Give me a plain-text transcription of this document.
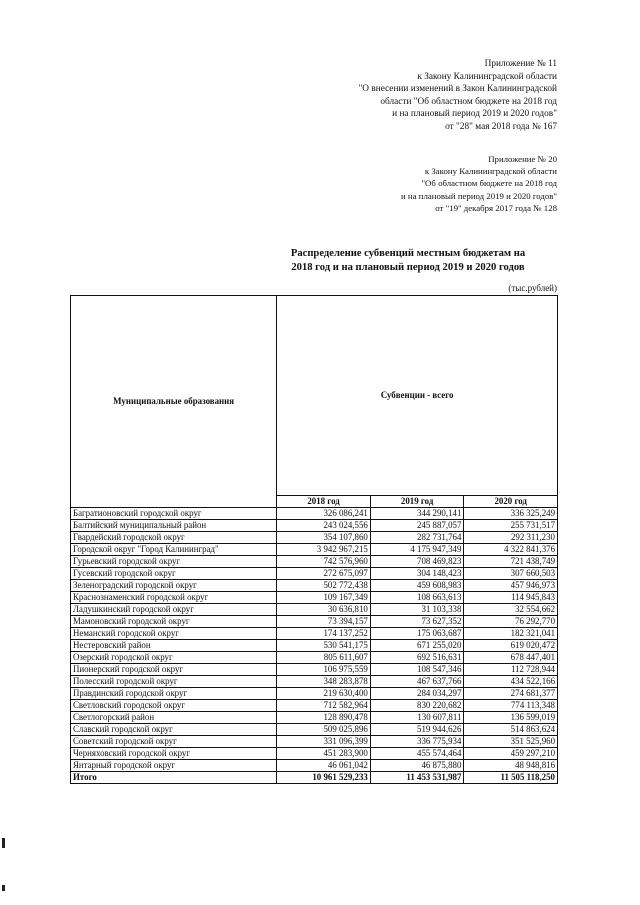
Приложение № 11
к Закону Калининградской области
"О внесении изменений в Закон Калининградской
области "Об областном бюджете на 2018 год
и на плановый период 2019 и 2020 годов"
от "28" мая 2018 года № 167
Приложение № 20
к Закону Калининградской области
"Об областном бюджете на 2018 год
и на плановый период 2019 и 2020 годов"
от "19" декабря 2017 года № 128
Распределение субвенций местным бюджетам на
2018 год и на плановый период 2019 и 2020 годов
(тыс.рублей)
Муниципальные образования	Субвенции - всего		
	2018 год	2019 год	2020 год
Багратионовский городской округ	326 086,241	344 290,141	336 325,249
Балтийский муниципальный район	243 024,556	245 887,057	255 731,517
Гвардейский городской округ	354 107,860	282 731,764	292 311,230
Городской округ "Город Калининград"	3 942 967,215	4 175 947,349	4 322 841,376
Гурьевский городской округ	742 576,960	708 469,823	721 438,749
Гусевский городской округ	272 675,097	304 148,423	307 660,503
Зеленоградский городской округ	502 772,438	459 608,983	457 946,973
Краснознаменский городской округ	109 167,349	108 663,613	114 945,843
Ладушкинский городской округ	30 636,810	31 103,338	32 554,662
Мамоновский городской округ	73 394,157	73 627,352	76 292,770
Неманский городской округ	174 137,252	175 063,687	182 321,041
Нестеровский район	530 541,175	671 255,020	619 020,472
Озерский городской округ	805 611,607	692 516,631	678 447,401
Пионерский городской округ	106 975,559	108 547,346	112 728,944
Полесский городской округ	348 283,878	467 637,766	434 522,166
Правдинский городской округ	219 630,400	284 034,297	274 681,377
Светловский городской округ	712 582,964	830 220,682	774 113,348
Светлогорский район	128 890,478	130 607,811	136 599,019
Славский городской округ	509 025,896	519 944,626	514 863,624
Советский городской округ	331 096,399	336 775,934	351 525,960
Черняховский городской округ	451 283,900	455 574,464	459 297,210
Янтарный городской округ	46 061,042	46 875,880	48 948,816
Итого	10 961 529,233	11 453 531,987	11 505 118,250
